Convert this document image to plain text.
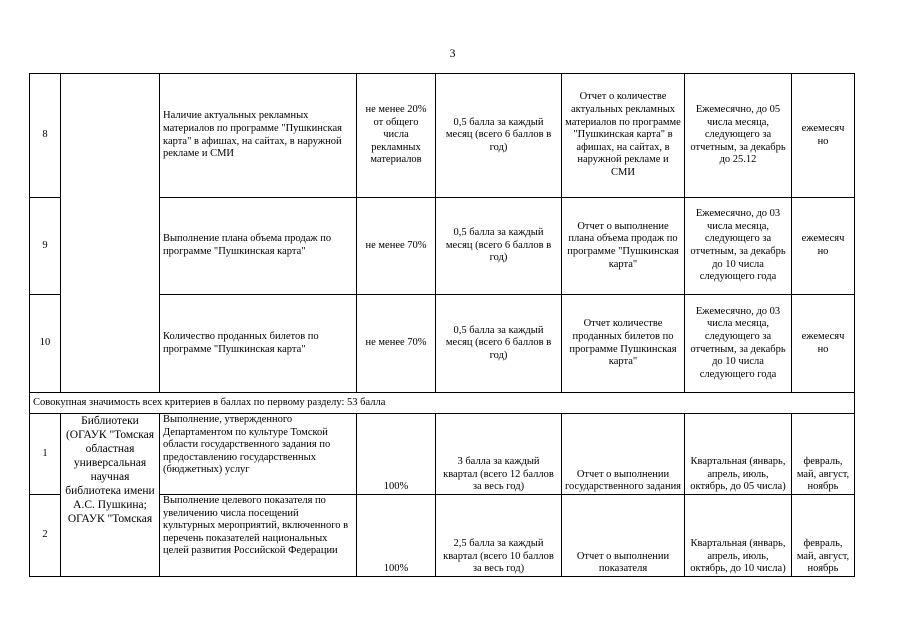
3
8		Наличие актуальных рекламных материалов по программе "Пушкинская карта" в афишах, на сайтах, в наружной рекламе и СМИ	не менее 20% от общего числа рекламных материалов	0,5 балла за каждый месяц (всего 6 баллов в год)	Отчет о количестве актуальных рекламных материалов по программе "Пушкинская карта" в афишах, на сайтах, в наружной рекламе и СМИ	Ежемесячно, до 05 числа месяца, следующего за отчетным, за декабрь до 25.12	ежемесяч но
9		Выполнение плана объема продаж по программе "Пушкинская карта"	не менее 70%	0,5 балла за каждый месяц (всего 6 баллов в год)	Отчет о выполнение плана объема продаж по программе "Пушкинская карта"	Ежемесячно, до 03 числа месяца, следующего за отчетным, за декабрь до 10 числа следующего года	ежемесяч но
10		Количество проданных билетов по программе "Пушкинская карта"	не менее 70%	0,5 балла за каждый месяц (всего 6 баллов в год)	Отчет количестве проданных билетов по программе Пушкинская карта"	Ежемесячно, до 03 числа месяца, следующего за отчетным, за декабрь до 10 числа следующего года	ежемесяч но
Совокупная значимость всех критериев в баллах по первому разделу: 53 балла							
1	Библиотеки (ОГАУК "Томская областная универсальная научная библиотека имени А.С. Пушкина; ОГАУК "Томская	Выполнение, утвержденного Департаментом по культуре Томской области государственного задания по предоставлению государственных (бюджетных) услуг	100%	3 балла за каждый квартал (всего 12 баллов за весь год)	Отчет о выполнении государственного задания	Квартальная (январь, апрель, июль, октябрь, до 05 числа)	февраль, май, август, ноябрь
2		Выполнение целевого показателя по увеличению числа посещений культурных мероприятий, включенного в перечень показателей национальных целей развития Российской Федерации	100%	2,5 балла за каждый квартал (всего 10 баллов за весь год)	Отчет о выполнении показателя	Квартальная (январь, апрель, июль, октябрь, до 10 числа)	февраль, май, август, ноябрь
